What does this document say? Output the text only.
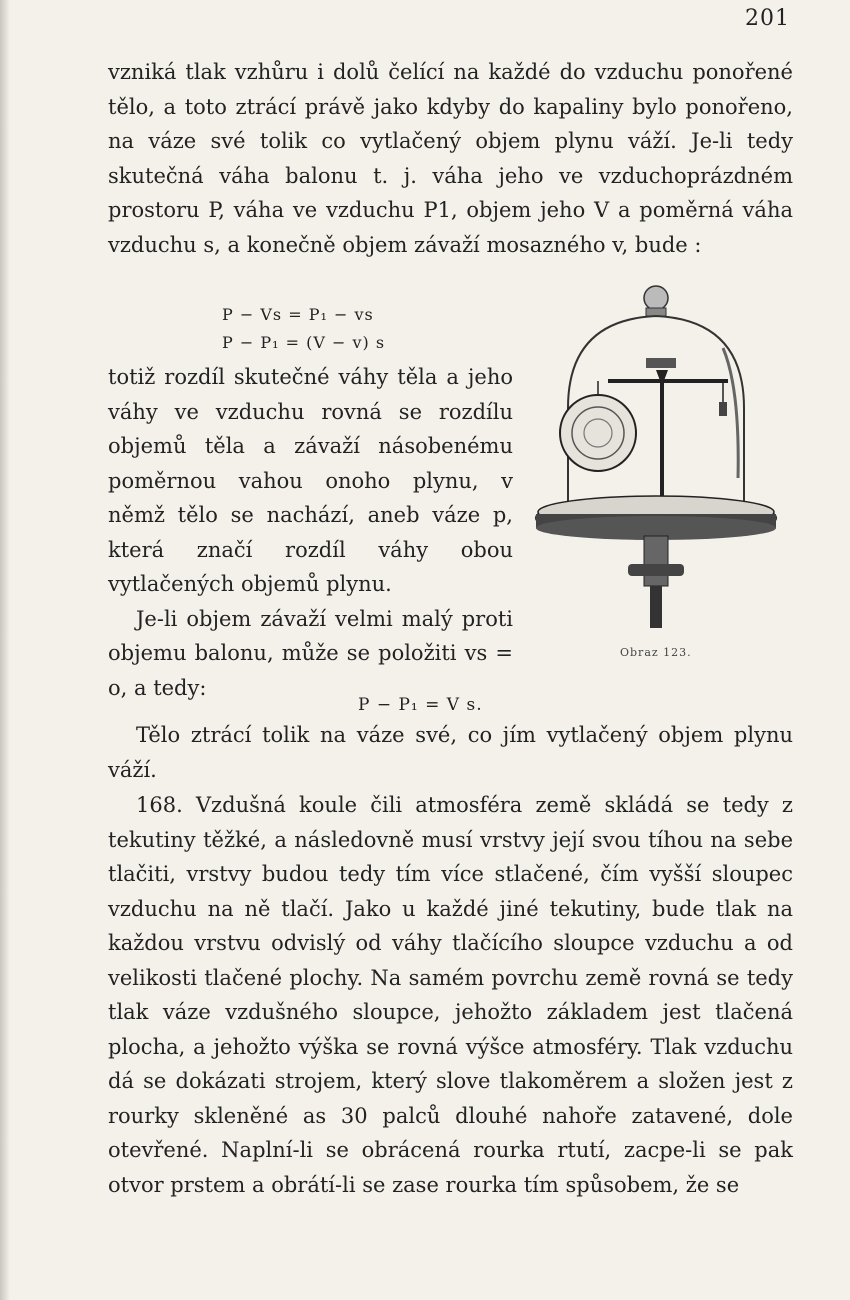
201
vzniká tlak vzhůru i dolů čelící na každé do vzduchu ponořené tělo, a toto ztrácí právě jako kdyby do kapaliny bylo ponořeno, na váze své tolik co vytlačený objem plynu váží. Je-li tedy skutečná váha balonu t. j. váha jeho ve vzduchoprázdném prostoru P, váha ve vzduchu P1, objem jeho V a poměrná váha vzduchu s, a konečně objem závaží mosazného v, bude :
P − Vs = P₁ − vs
P − P₁ = (V − v) s
totiž rozdíl skutečné váhy těla a jeho váhy ve vzduchu rovná se rozdílu objemů těla a závaží násobenému poměrnou vahou onoho plynu, v němž tělo se nachází, aneb váze p, která značí rozdíl váhy obou vytlačených objemů plynu.
Je-li objem závaží velmi malý proti objemu balonu, může se položiti vs = o, a tedy:
P − P₁ = V s.
Tělo ztrácí tolik na váze své, co jím vytlačený objem plynu váží.
168. Vzdušná koule čili atmosféra země skládá se tedy z tekutiny těžké, a následovně musí vrstvy její svou tíhou na sebe tlačiti, vrstvy budou tedy tím více stlačené, čím vyšší sloupec vzduchu na ně tlačí. Jako u každé jiné tekutiny, bude tlak na každou vrstvu odvislý od váhy tlačícího sloupce vzduchu a od velikosti tlačené plochy. Na samém povrchu země rovná se tedy tlak váze vzdušného sloupce, jehožto základem jest tlačená plocha, a jehožto výška se rovná výšce atmosféry. Tlak vzduchu dá se dokázati strojem, který slove tlakoměrem a složen jest z rourky skleněné as 30 palců dlouhé nahoře zatavené, dole otevřené. Naplní-li se obrácená rourka rtutí, zacpe-li se pak otvor prstem a obrátí-li se zase rourka tím spůsobem, že se
Obraz 123.
